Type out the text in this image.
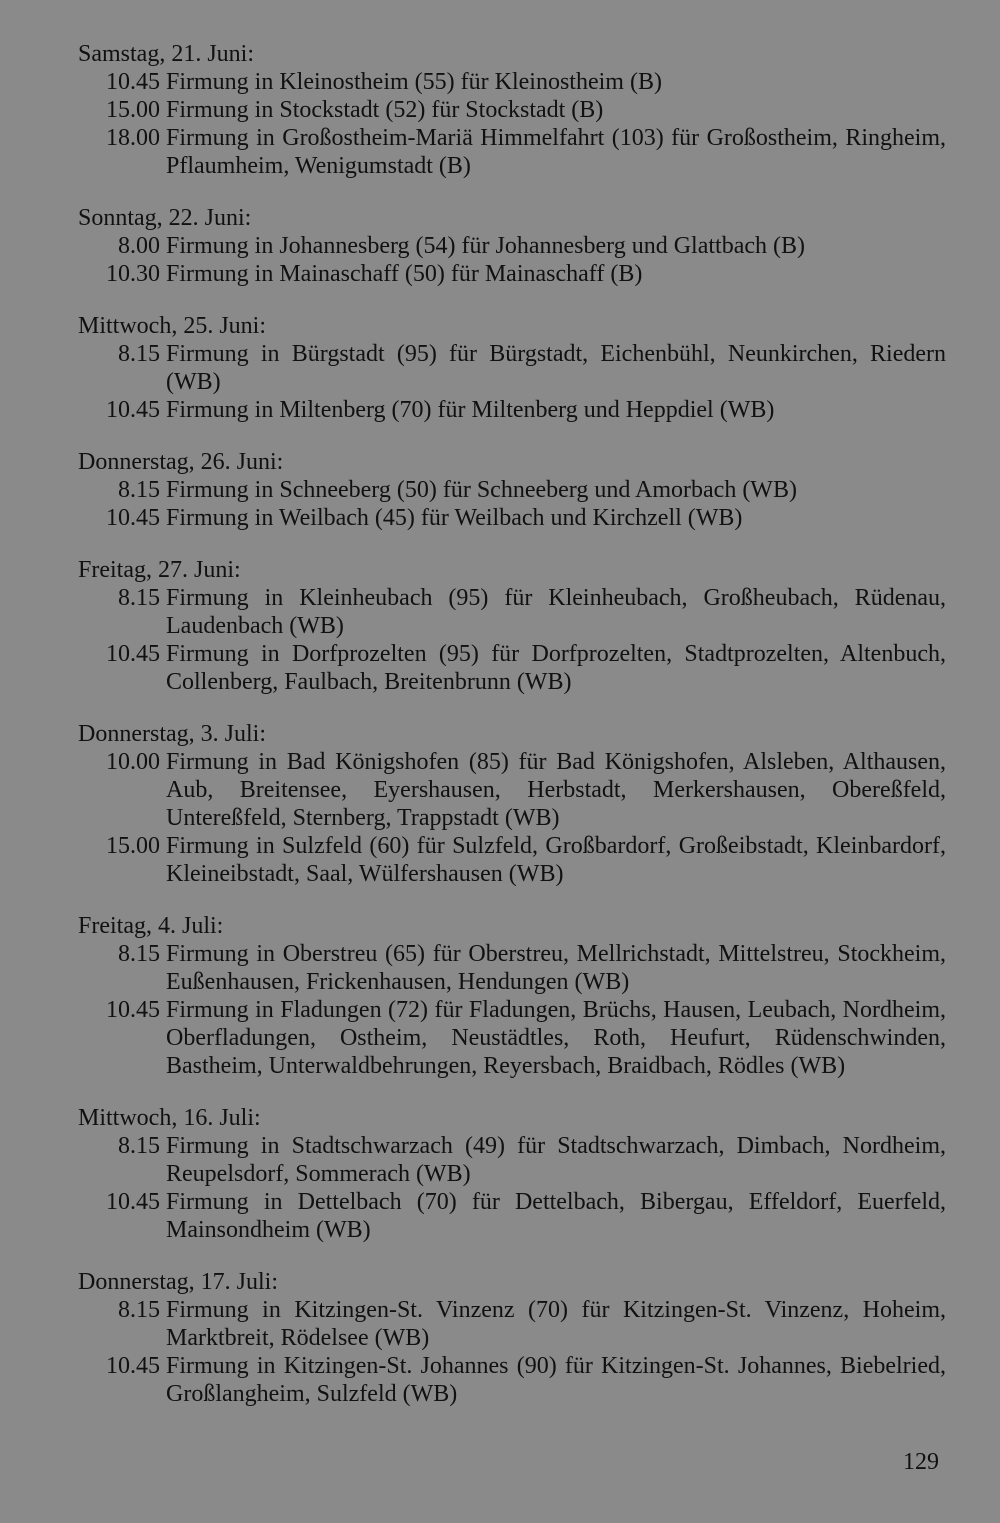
Samstag, 21. Juni:
10.45 Firmung in Kleinostheim (55) für Kleinostheim (B)
15.00 Firmung in Stockstadt (52) für Stockstadt (B)
18.00 Firmung in Großostheim-Mariä Himmelfahrt (103) für Großostheim, Ringheim, Pflaumheim, Wenigumstadt (B)
Sonntag, 22. Juni:
8.00 Firmung in Johannesberg (54) für Johannesberg und Glattbach (B)
10.30 Firmung in Mainaschaff (50) für Mainaschaff (B)
Mittwoch, 25. Juni:
8.15 Firmung in Bürgstadt (95) für Bürgstadt, Eichenbühl, Neunkirchen, Riedern (WB)
10.45 Firmung in Miltenberg (70) für Miltenberg und Heppdiel (WB)
Donnerstag, 26. Juni:
8.15 Firmung in Schneeberg (50) für Schneeberg und Amorbach (WB)
10.45 Firmung in Weilbach (45) für Weilbach und Kirchzell (WB)
Freitag, 27. Juni:
8.15 Firmung in Kleinheubach (95) für Kleinheubach, Großheubach, Rüdenau, Laudenbach (WB)
10.45 Firmung in Dorfprozelten (95) für Dorfprozelten, Stadtprozelten, Altenbuch, Collenberg, Faulbach, Breitenbrunn (WB)
Donnerstag, 3. Juli:
10.00 Firmung in Bad Königshofen (85) für Bad Königshofen, Alsleben, Althausen, Aub, Breitensee, Eyershausen, Herbstadt, Merkershausen, Obereßfeld, Untereßfeld, Sternberg, Trappstadt (WB)
15.00 Firmung in Sulzfeld (60) für Sulzfeld, Großbardorf, Großeibstadt, Kleinbardorf, Kleineibstadt, Saal, Wülfershausen (WB)
Freitag, 4. Juli:
8.15 Firmung in Oberstreu (65) für Oberstreu, Mellrichstadt, Mittelstreu, Stockheim, Eußenhausen, Frickenhausen, Hendungen (WB)
10.45 Firmung in Fladungen (72) für Fladungen, Brüchs, Hausen, Leubach, Nordheim, Oberfladungen, Ostheim, Neustädtles, Roth, Heufurt, Rüdenschwinden, Bastheim, Unterwaldbehrungen, Reyersbach, Braidbach, Rödles (WB)
Mittwoch, 16. Juli:
8.15 Firmung in Stadtschwarzach (49) für Stadtschwarzach, Dimbach, Nordheim, Reupelsdorf, Sommerach (WB)
10.45 Firmung in Dettelbach (70) für Dettelbach, Bibergau, Effeldorf, Euerfeld, Mainsondheim (WB)
Donnerstag, 17. Juli:
8.15 Firmung in Kitzingen-St. Vinzenz (70) für Kitzingen-St. Vinzenz, Hoheim, Marktbreit, Rödelsee (WB)
10.45 Firmung in Kitzingen-St. Johannes (90) für Kitzingen-St. Johannes, Biebelried, Großlangheim, Sulzfeld (WB)
129
